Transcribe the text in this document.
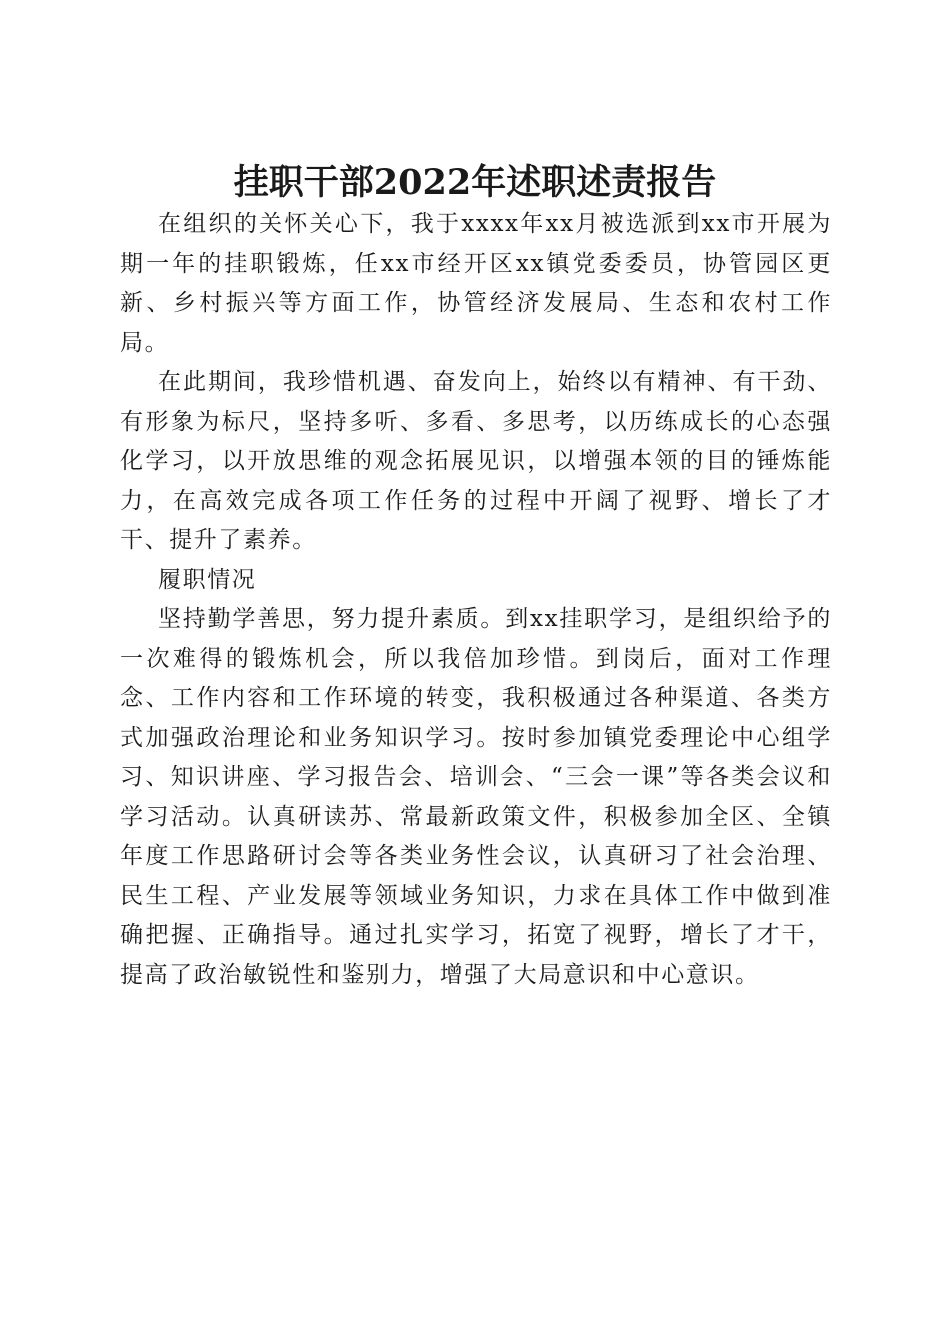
挂职干部2022年述职述责报告

在组织的关怀关心下，我于xxxx年xx月被选派到xx市开展为期一年的挂职锻炼，任xx市经开区xx镇党委委员，协管园区更新、乡村振兴等方面工作，协管经济发展局、生态和农村工作局。

在此期间，我珍惜机遇、奋发向上，始终以有精神、有干劲、有形象为标尺，坚持多听、多看、多思考，以历练成长的心态强化学习，以开放思维的观念拓展见识，以增强本领的目的锤炼能力，在高效完成各项工作任务的过程中开阔了视野、增长了才干、提升了素养。

履职情况

坚持勤学善思，努力提升素质。到xx挂职学习，是组织给予的一次难得的锻炼机会，所以我倍加珍惜。到岗后，面对工作理念、工作内容和工作环境的转变，我积极通过各种渠道、各类方式加强政治理论和业务知识学习。按时参加镇党委理论中心组学习、知识讲座、学习报告会、培训会、“三会一课”等各类会议和学习活动。认真研读苏、常最新政策文件，积极参加全区、全镇年度工作思路研讨会等各类业务性会议，认真研习了社会治理、民生工程、产业发展等领域业务知识，力求在具体工作中做到准确把握、正确指导。通过扎实学习，拓宽了视野，增长了才干，提高了政治敏锐性和鉴别力，增强了大局意识和中心意识。
